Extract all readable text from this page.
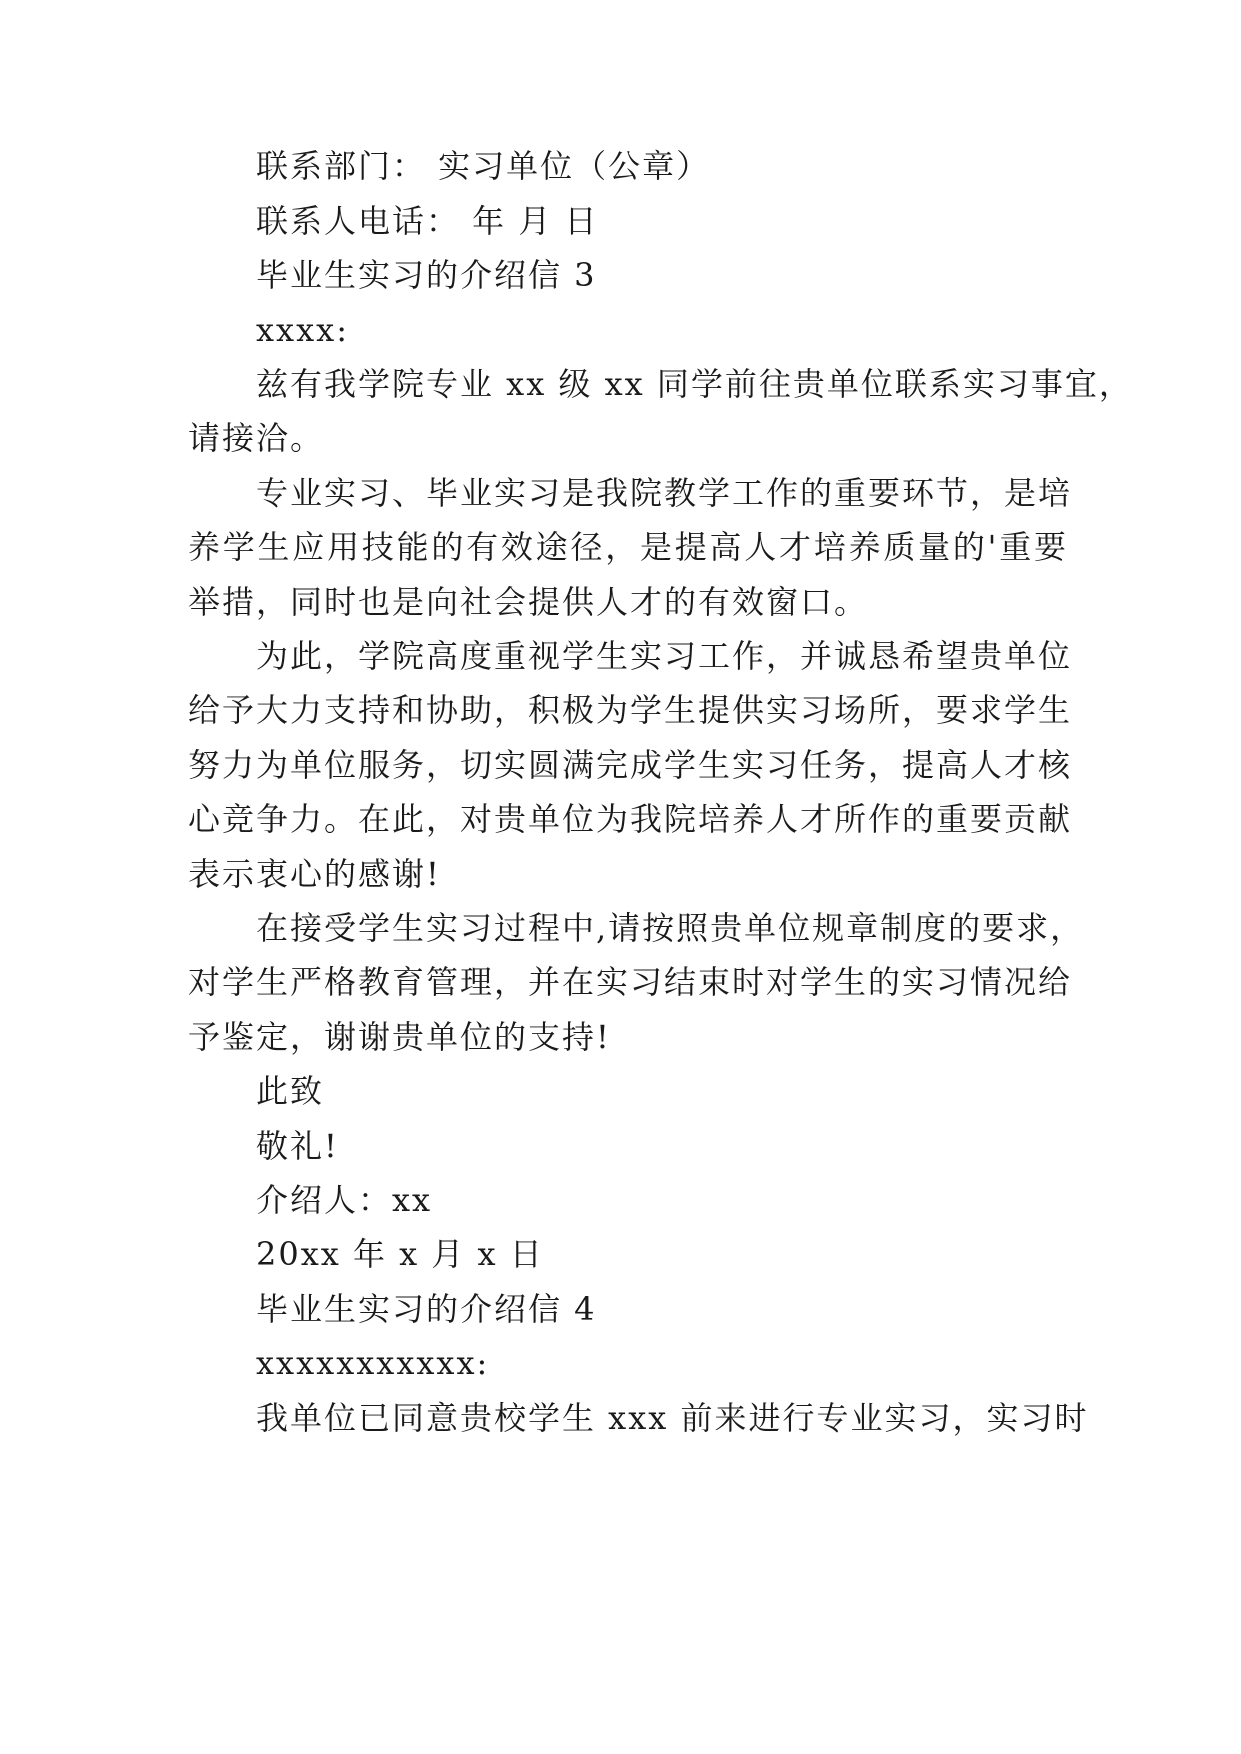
联系部门： 实习单位（公章）
联系人电话： 年 月 日
毕业生实习的介绍信 3
xxxx:
兹有我学院专业 xx 级 xx 同学前往贵单位联系实习事宜，
请接洽。
专业实习、毕业实习是我院教学工作的重要环节，是培
养学生应用技能的有效途径，是提高人才培养质量的'重要
举措，同时也是向社会提供人才的有效窗口。
为此，学院高度重视学生实习工作，并诚恳希望贵单位
给予大力支持和协助，积极为学生提供实习场所，要求学生
努力为单位服务，切实圆满完成学生实习任务，提高人才核
心竞争力。在此，对贵单位为我院培养人才所作的重要贡献
表示衷心的感谢!
在接受学生实习过程中,请按照贵单位规章制度的要求，
对学生严格教育管理，并在实习结束时对学生的实习情况给
予鉴定，谢谢贵单位的支持!
此致
敬礼!
介绍人：xx
20xx 年 x 月 x 日
毕业生实习的介绍信 4
xxxxxxxxxxx:
我单位已同意贵校学生 xxx 前来进行专业实习，实习时
